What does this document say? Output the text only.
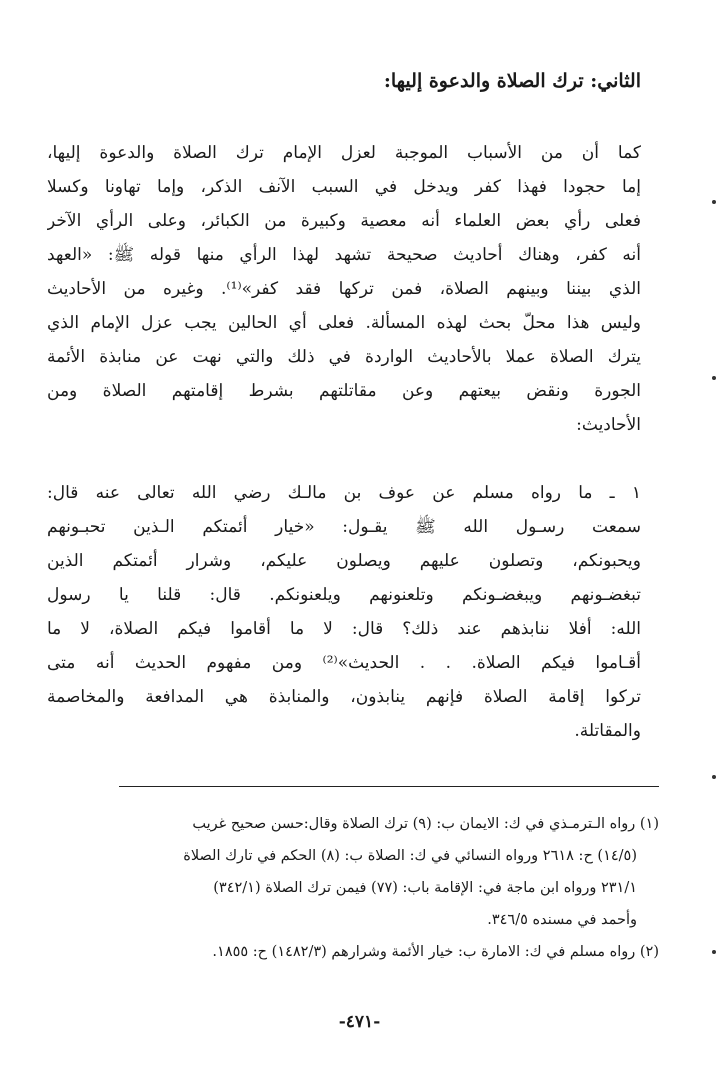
الثاني: ترك الصلاة والدعوة إليها:
كما أن من الأسباب الموجبة لعزل الإمام ترك الصلاة والدعوة إليها،
إما حجودا فهذا كفر ويدخل في السبب الآنف الذكر، وإما تهاونا وكسلا
فعلى رأي بعض العلماء أنه معصية وكبيرة من الكبائر، وعلى الرأي الآخر
أنه كفر، وهناك أحاديث صحيحة تشهد لهذا الرأي منها قوله ﷺ: «العهد
الذي بيننا وبينهم الصلاة، فمن تركها فقد كفر»⁽¹⁾. وغيره من الأحاديث
وليس هذا محلّ بحث لهذه المسألة. فعلى أي الحالين يجب عزل الإمام الذي
يترك الصلاة عملا بالأحاديث الواردة في ذلك والتي نهت عن منابذة الأئمة
الجورة ونقض بيعتهم وعن مقاتلتهم بشرط إقامتهم الصلاة ومن
الأحاديث:
١ ـ ما رواه مسلم عن عوف بن مالـك رضي الله تعالى عنه قال:
سمعت رسـول الله ﷺ يقـول: «خيار أئمتكم الـذين تحبـونهم
ويحبونكم، وتصلون عليهم ويصلون عليكم، وشرار أئمتكم الذين
تبغضـونهم ويبغضـونكم وتلعنونهم ويلعنونكم. قال: قلنا يا رسول
الله: أفلا ننابذهم عند ذلك؟ قال: لا ما أقاموا فيكم الصلاة، لا ما
أقـاموا فيكم الصلاة. . . الحديث»⁽²⁾ ومن مفهوم الحديث أنه متى
تركوا إقامة الصلاة فإنهم ينابذون، والمنابذة هي المدافعة والمخاصمة
والمقاتلة.
(١) رواه الـترمـذي في ك: الايمان ب: (٩) ترك الصلاة وقال:حسن صحيح غريب
(١٤/٥) ح: ٢٦١٨ ورواه النسائي في ك: الصلاة ب: (٨) الحكم في تارك الصلاة
٢٣١/١ ورواه ابن ماجة في: الإقامة باب: (٧٧) فيمن ترك الصلاة (٣٤٢/١)
وأحمد في مسنده ٣٤٦/٥.
(٢) رواه مسلم في ك: الامارة ب: خيار الأئمة وشرارهم (١٤٨٢/٣) ح: ١٨٥٥.
-٤٧١-
